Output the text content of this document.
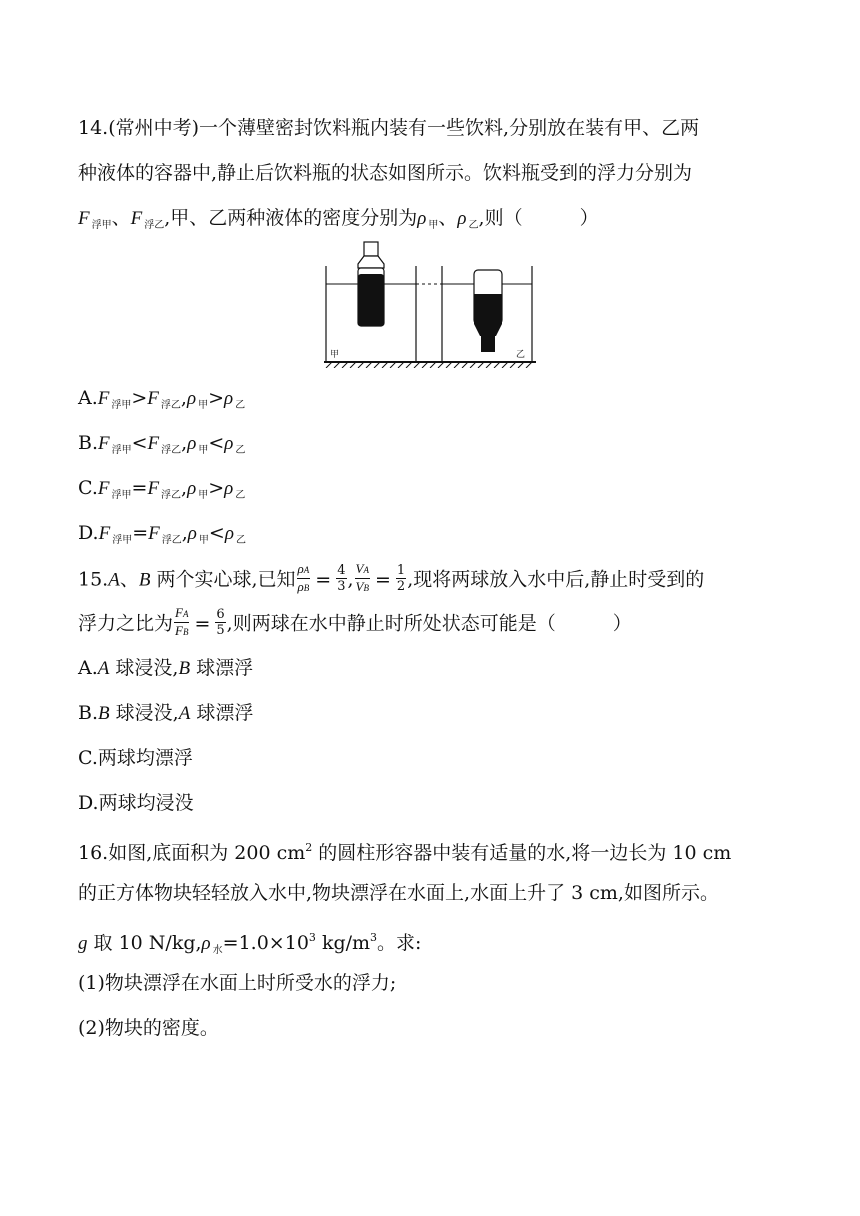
14.(常州中考)一个薄壁密封饮料瓶内装有一些饮料,分别放在装有甲、乙两
种液体的容器中,静止后饮料瓶的状态如图所示。饮料瓶受到的浮力分别为
F $_{浮甲}$、F $_{浮乙}$,甲、乙两种液体的密度分别为ρ $_甲$、ρ $_乙$,则（　　　）
甲	乙
A.F $_{浮甲}$>F $_{浮乙}$,ρ $_甲$>ρ $_乙$
B.F $_{浮甲}$<F $_{浮乙}$,ρ $_甲$<ρ $_乙$
C.F $_{浮甲}$=F $_{浮乙}$,ρ $_甲$>ρ $_乙$
D.F $_{浮甲}$=F $_{浮乙}$,ρ $_甲$<ρ $_乙$
15.A、B 两个实心球,已知 $\frac{\rho A}{\rho B} = \frac{4}{3}$ , $\frac{VA}{VB} = \frac{1}{2}$ ,现将两球放入水中后,静止时受到的
浮力之比为 $\frac{FA}{FB} = \frac{6}{5}$ ,则两球在水中静止时所处状态可能是（　　　）
A.A 球浸没,B 球漂浮
B.B 球浸没,A 球漂浮
C.两球均漂浮
D.两球均浸没
16.如图,底面积为 200 $cm^2$ 的圆柱形容器中装有适量的水,将一边长为 10 cm
的正方体物块轻轻放入水中,物块漂浮在水面上,水面上升了 3 cm,如图所示。
g 取 10 N/kg,ρ $_水=1.0\times 10^3$ $kg/m^3$。求:
(1)物块漂浮在水面上时所受水的浮力;
(2)物块的密度。
